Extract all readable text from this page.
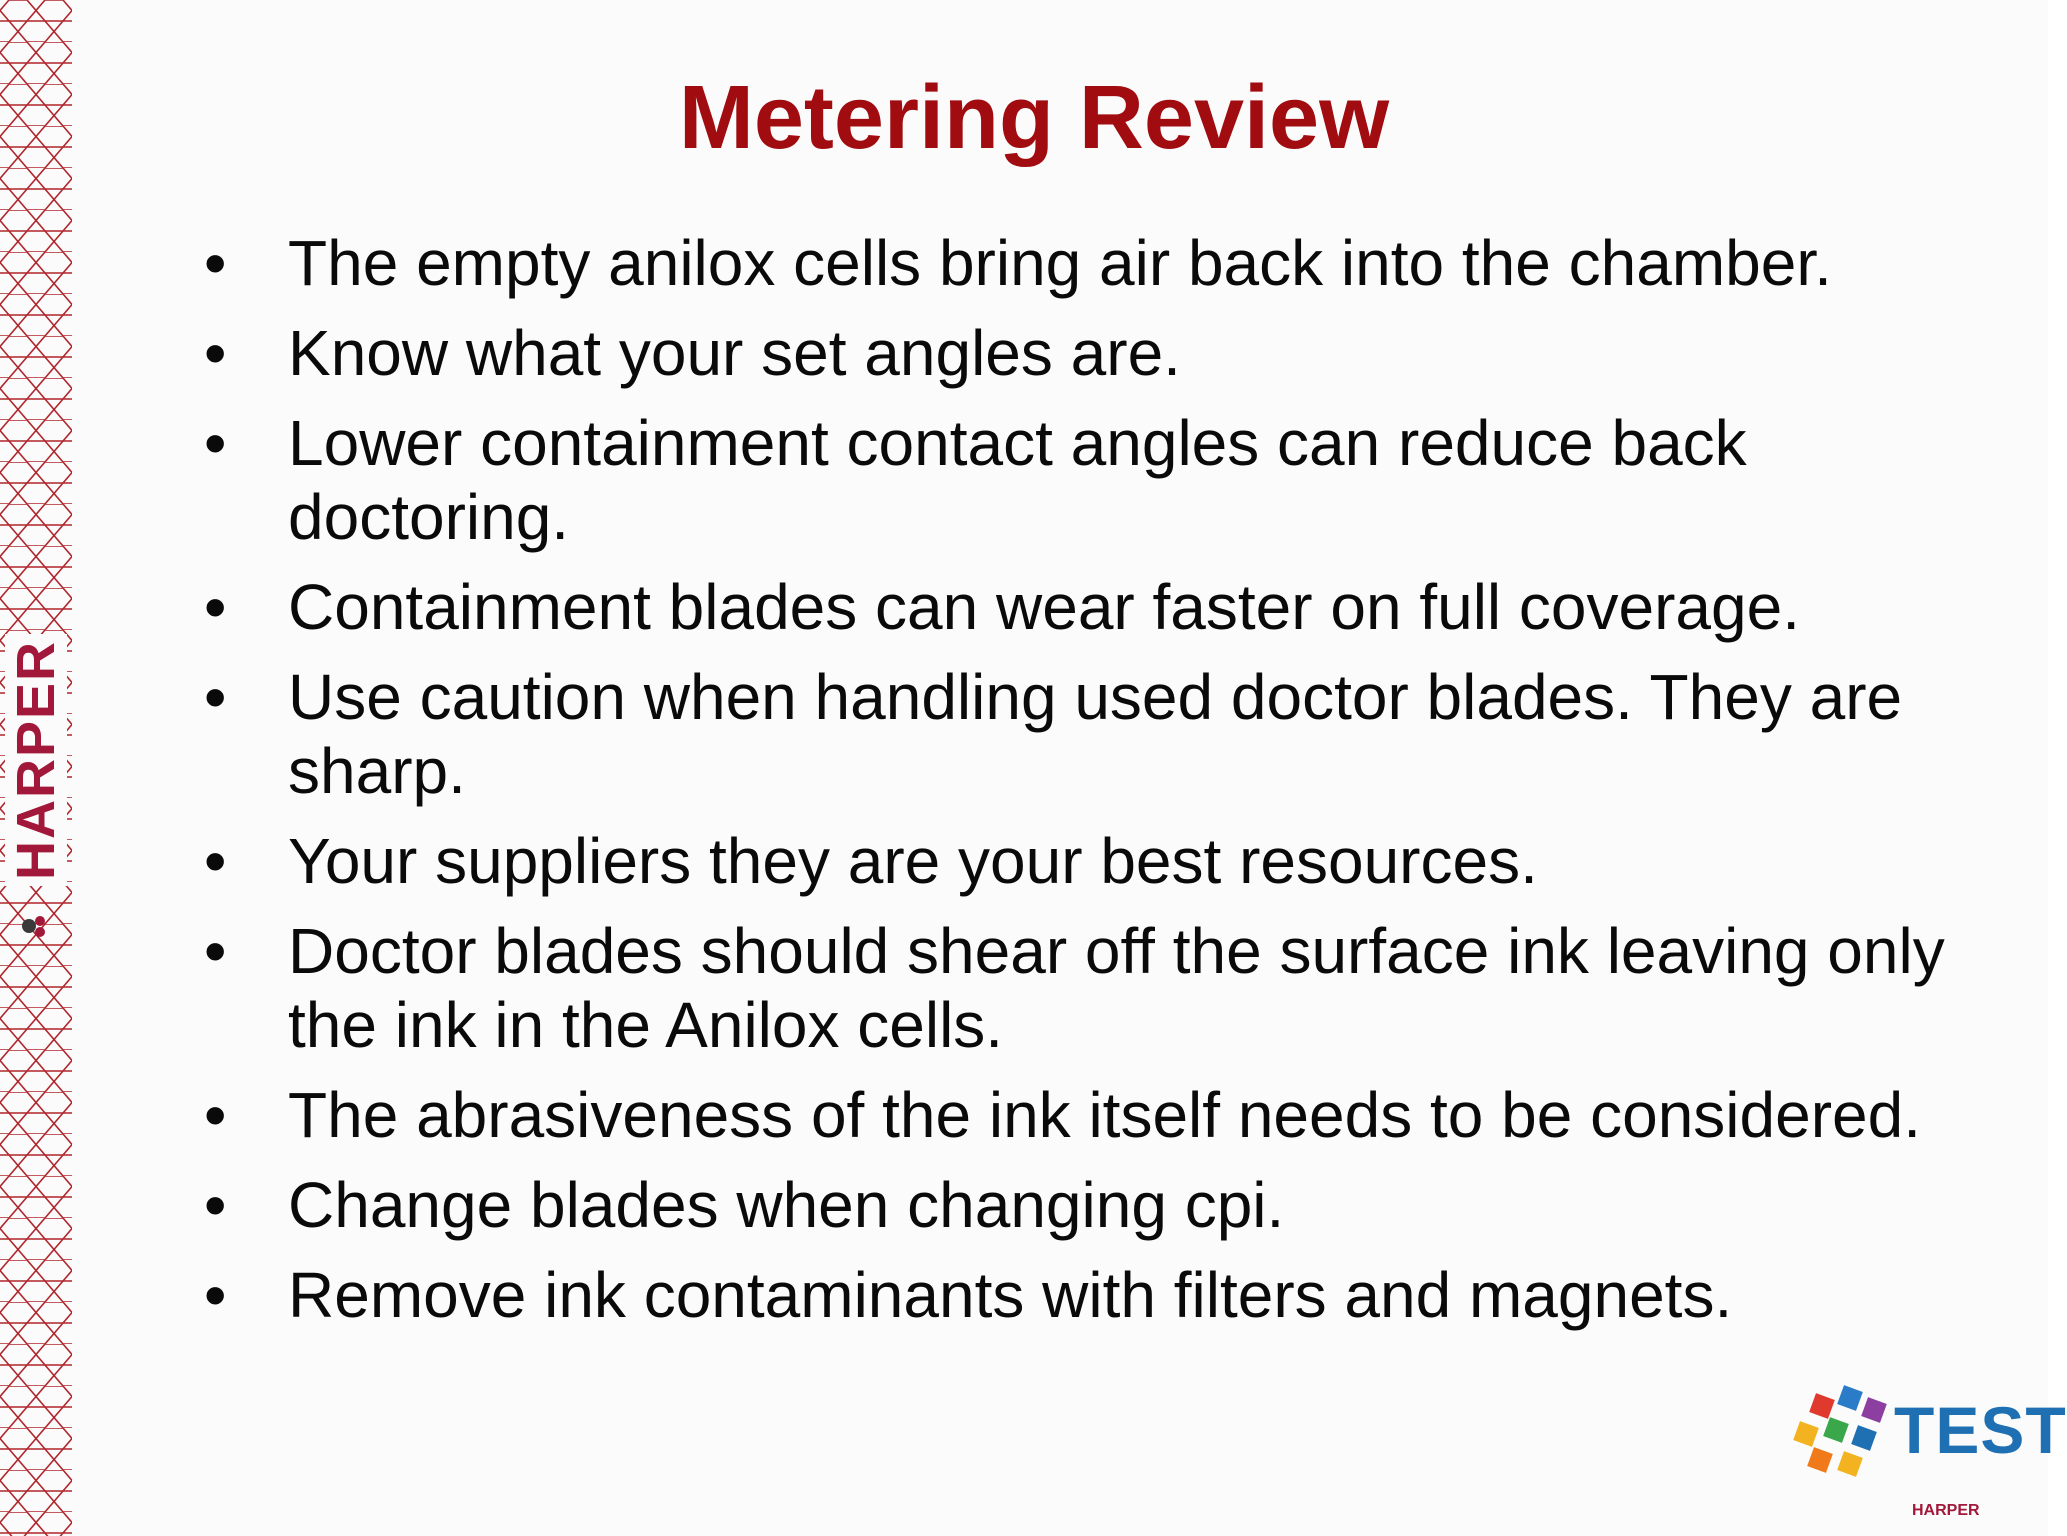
HARPER
Metering Review
• The empty anilox cells bring air back into the chamber.
• Know what your set angles are.
• Lower containment contact angles can reduce back doctoring.
• Containment blades can wear faster on full coverage.
• Use caution when handling used doctor blades. They are sharp.
• Your suppliers they are your best resources.
• Doctor blades should shear off the surface ink leaving only the ink in the Anilox cells.
• The abrasiveness of the ink itself needs to be considered.
• Change blades when changing cpi.
• Remove ink contaminants with filters and magnets.
TEST
HARPER
